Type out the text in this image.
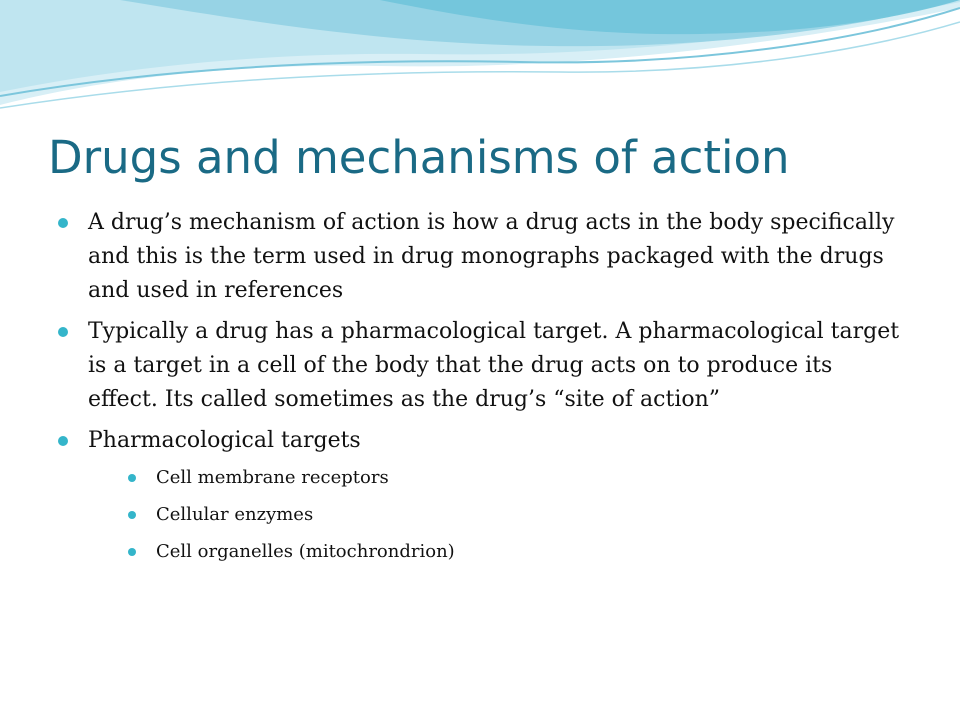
Drugs and mechanisms of action
A drug’s mechanism of action is how a drug acts in the body specifically and this is the term used in drug monographs packaged with the drugs and used in references
Typically a drug has a pharmacological target. A pharmacological target is a target in a cell of the body that the drug acts on to produce its effect. Its called sometimes as the drug’s “site of action”
Pharmacological targets
Cell membrane receptors
Cellular enzymes
Cell organelles (mitochrondrion)
